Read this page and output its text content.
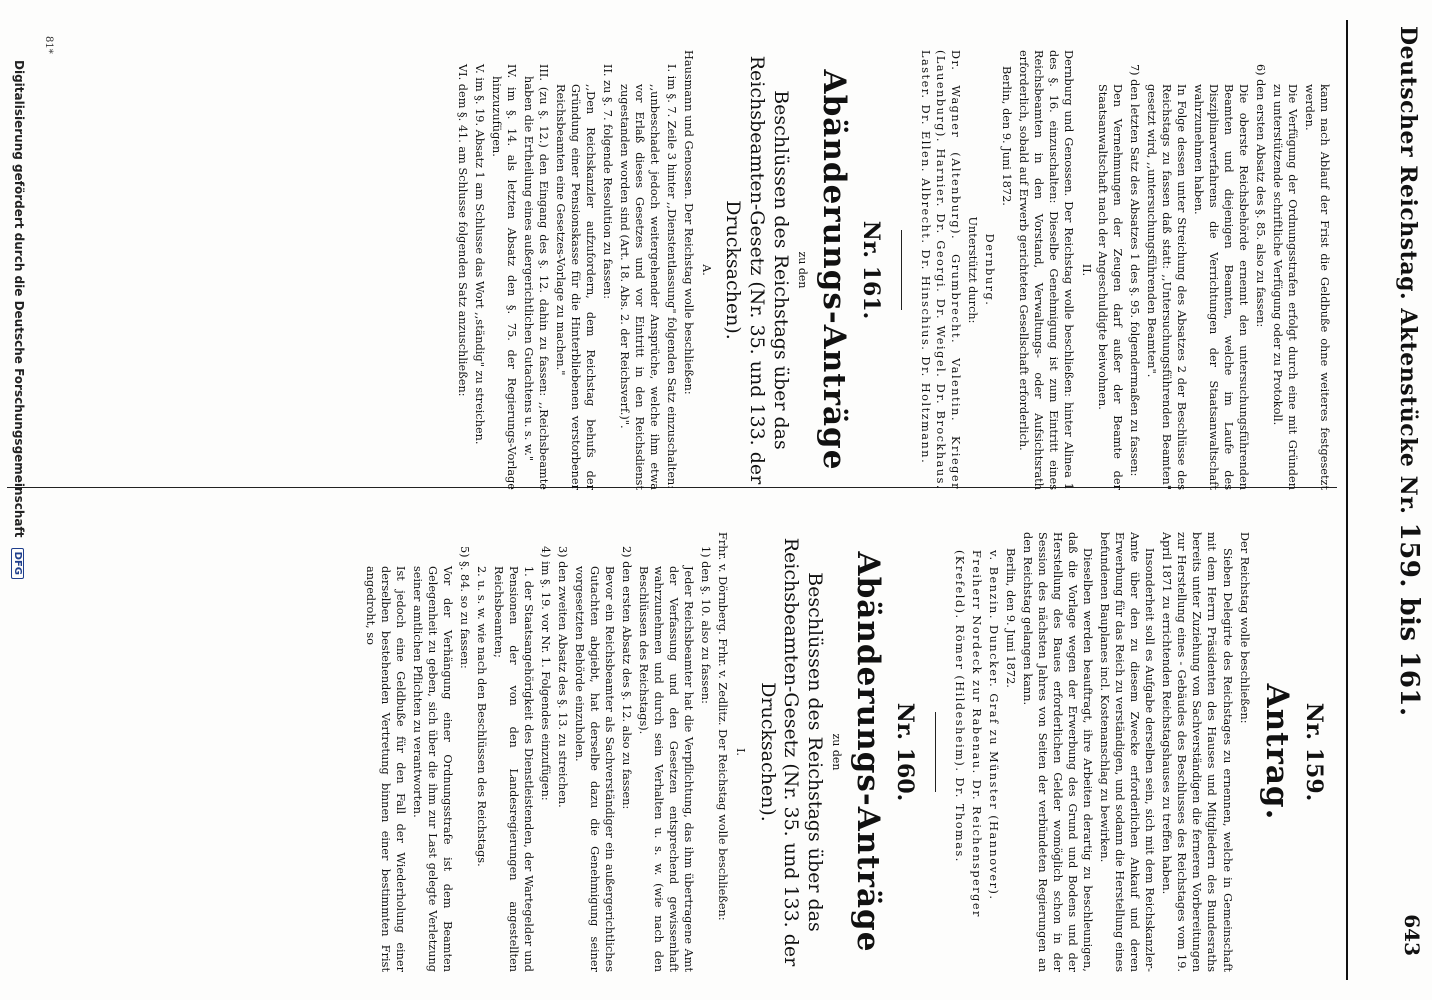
Deutscher Reichstag. Aktenstücke Nr. 159. bis 161.
643
Nr. 159.
Antrag.

Der Reichstag wolle beschließen:

Sieben Delegirte des Reichstages zu ernennen, welche in Gemeinschaft mit dem Herrn Präsidenten des Hauses und Mitgliedern des Bundesraths bereits unter Zuziehung von Sachverständigen die ferneren Vorbereitungen zur Herstellung eines - Gebäudes des Beschlusses des Reichstages vom 19. April 1871 zu errichtenden Reichstagshauses zu treffen haben.

Insonderheit soll es Aufgabe derselben sein, sich mit dem Reichskanzler-Amte über den zu diesem Zwecke erforderlichen Ankauf und deren Erwerbung für das Reich zu verständigen, und sodann die Herstellung eines befundenen Bauplanes incl. Kostenanschlag zu bewirken.

Dieselben werden beauftragt, ihre Arbeiten derartig zu beschleunigen, daß die Vorlage wegen der Erwerbung des Grund und Bodens und der Herstellung des Baues erforderlichen Gelder womöglich schon in der Session des nächsten Jahres von Seiten der verbündeten Regierungen an den Reichstag gelangen kann.

Berlin, den 9. Juni 1872.

v. Benzin. Duncker. Graf zu Münster (Hannover).

Freiherr Nordeck zur Rabenau. Dr. Reichensperger

(Krefeld). Römer (Hildesheim). Dr. Thomas.

Nr. 160.
Abänderungs-Anträge
zu den
Beschlüssen des Reichstags über das Reichsbeamten-Gesetz (Nr. 35. und 133. der Drucksachen).
I.

Frhr. v. Dörnberg. Frhr. v. Zedlitz. Der Reichstag wolle beschließen:

1) den §. 10. also zu fassen:

Jeder Reichsbeamter hat die Verpflichtung, das ihm übertragene Amt der Verfassung und den Gesetzen entsprechend gewissenhaft wahrzunehmen und durch sein Verhalten u. s. w. (wie nach den Beschlüssen des Reichstags).

2) den ersten Absatz des §. 12. also zu fassen:

Bevor ein Reichsbeamter als Sachverständiger ein außergerichtliches Gutachten abgiebt, hat derselbe dazu die Genehmigung seiner vorgesetzten Behörde einzuholen.

3) den zweiten Absatz des §. 13. zu streichen.

4) im §. 19. vor Nr. 1. Folgendes einzufügen:

1. der Staatsangehörigkeit des Dienstleistenden, der Wartegelder und Pensionen der von den Landesregierungen angestellten Reichsbeamten;

2. u. s. w. wie nach den Beschlüssen des Reichstags.

5) §. 84. so zu fassen:

Vor der Verhängung einer Ordnungsstrafe ist dem Beamten Gelegenheit zu geben, sich über die ihm zur Last gelegte Verletzung seiner amtlichen Pflichten zu verantworten.

Ist jedoch eine Geldbuße für den Fall der Wiederholung einer derselben bestehenden Vertretung binnen einer bestimmten Frist angedroht, so

kann nach Ablauf der Frist die Geldbuße ohne weiteres festgesetzt werden.

Die Verfügung der Ordnungsstrafen erfolgt durch eine mit Gründen zu unterstützende schriftliche Verfügung oder zu Protokoll.

6) den ersten Absatz des §. 85. also zu fassen:

Die oberste Reichsbehörde ernennt den untersuchungsführenden Beamten und diejenigen Beamten, welche im Laufe des Disziplinarverfahrens die Verrichtungen der Staatsanwaltschaft wahrzunehmen haben.

In Folge dessen unter Streichung des Absatzes 2 der Beschlüsse des Reichstags zu fassen daß statt: ,,Untersuchungsführenden Beamten" gesetzt wird, ,,untersuchungsführenden Beamten".

7) den letzten Satz des Absatzes 1 des §. 95. folgendermaßen zu fassen:

Den Vernehmungen der Zeugen darf außer der Beamte der Staatsanwaltschaft nach der Angeschuldigte beiwohnen.

II.

Dernburg und Genossen. Der Reichstag wolle beschließen: hinter Alinea 1 des §. 16. einzuschalten: Dieselbe Genehmigung ist zum Eintritt eines Reichsbeamten in den Vorstand, Verwaltungs- oder Aufsichtsrath erforderlich, sobald auf Erwerb gerichteten Gesellschaft erforderlich.

Berlin, den 9. Juni 1872.

Dernburg.

Unterstützt durch:

Dr. Wagner (Altenburg). Grumbrecht. Valentin. Krieger (Lauenburg). Harnier. Dr. Georgi. Dr. Weigel. Dr. Brockhaus. Laster. Dr. Ellen. Albrecht. Dr. Hinschius. Dr. Holtzmann.

Nr. 161.
Abänderungs-Anträge
zu den
Beschlüssen des Reichstags über das Reichsbeamten-Gesetz (Nr. 35. und 133. der Drucksachen).
A.

Hausmann und Genossen. Der Reichstag wolle beschließen:

I. im §. 7. Zeile 3 hinter ,,Dienstentlassung" folgenden Satz einzuschalten:

,,unbeschadet jedoch weitergehender Ansprüche, welche ihm etwa vor Erlaß dieses Gesetzes und vor Eintritt in den Reichsdienst zugestanden worden sind (Art. 18. Abs. 2. der Reichsverf.)".

II. zu §. 7. folgende Resolution zu fassen:

,,Den Reichskanzler aufzufordern, dem Reichstag behufs der Gründung einer Pensionskasse für die Hinterbliebenen verstorbener Reichsbeamten eine Gesetzes-Vorlage zu machen."

III. (zu §. 12.) den Eingang des §. 12. dahin zu fassen: ,,Reichsbeamte haben die Ertheilung eines außergerichtlichen Gutachtens u. s. w."

IV. im §. 14. als letzten Absatz den §. 75. der Regierungs-Vorlage hinzuzufügen.

V. im §. 19. Absatz 1 am Schlusse das Wort ,,ständig" zu streichen.

VI. dem §. 41. am Schlusse folgenden Satz anzuschließen:

81*
Digitalisierung gefördert durch die Deutsche Forschungsgemeinschaft DFG
